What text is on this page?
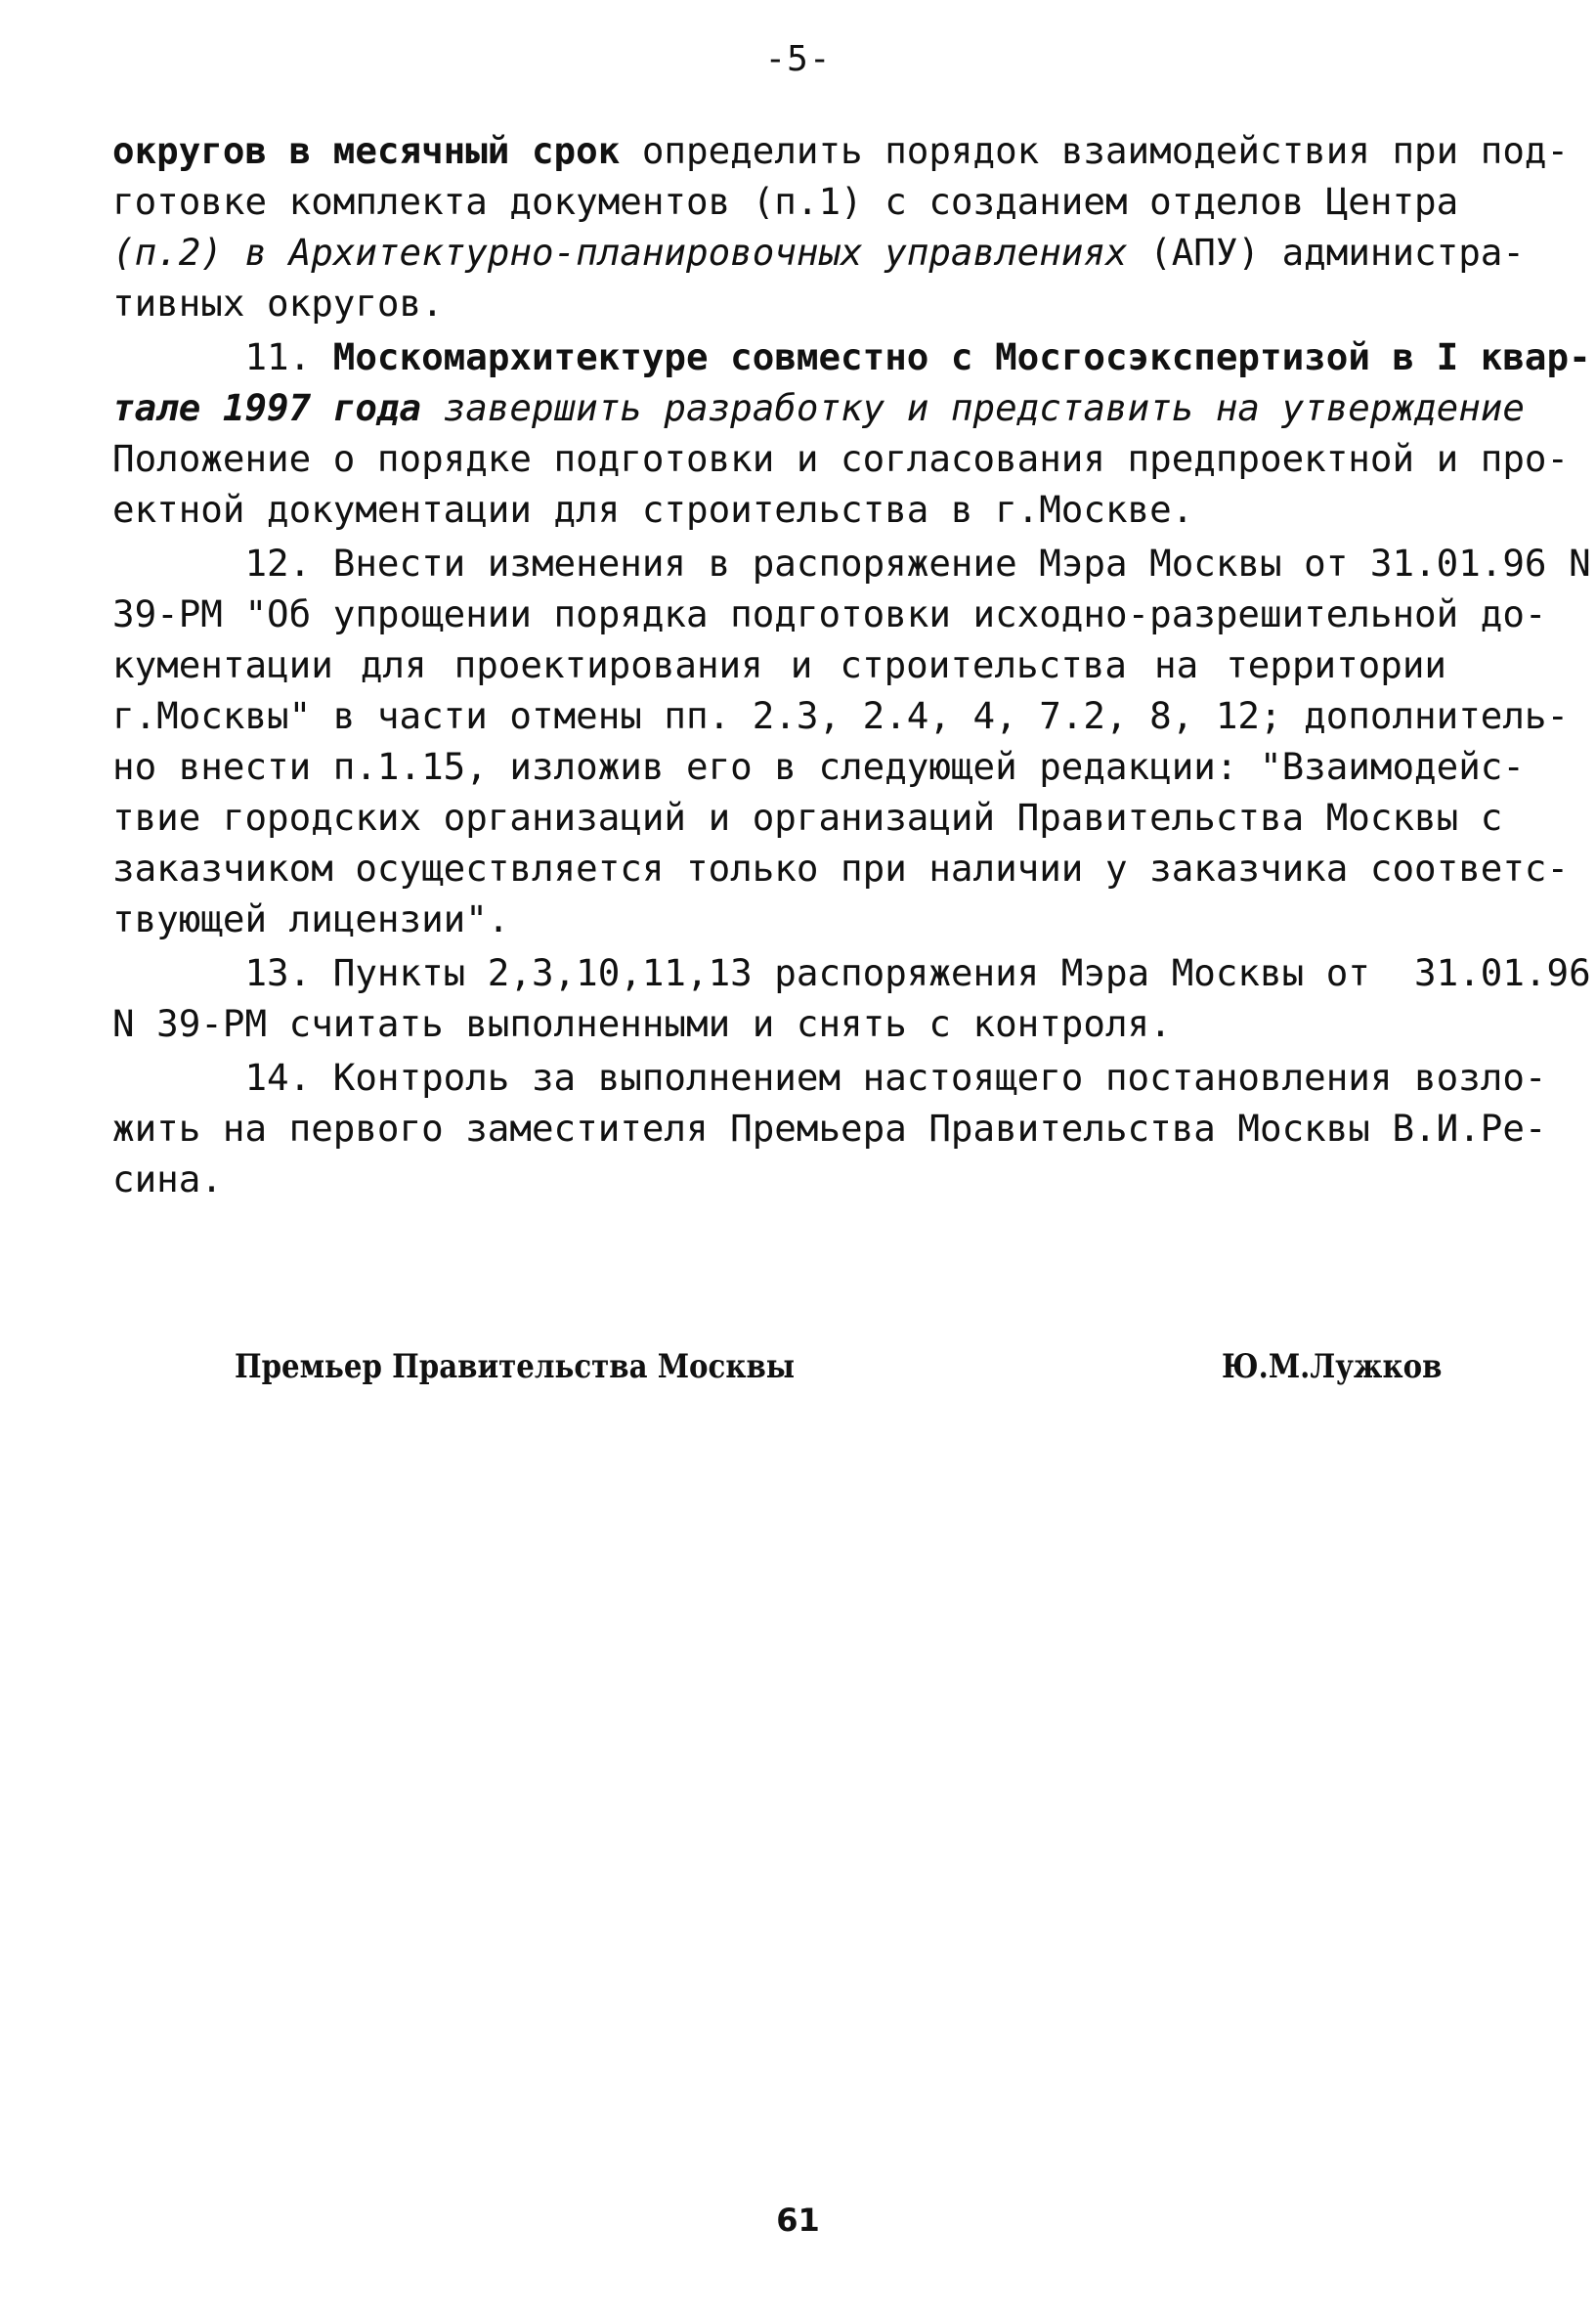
-5-
округов в месячный срок определить порядок взаимодействия при под-
готовке комплекта документов (п.1) с созданием отделов Центра
(п.2) в Архитектурно-планировочных управлениях (АПУ) администра-
тивных округов.
11. Москомархитектуре совместно с Мосгосэкспертизой в I квар-
тале 1997 года завершить разработку и представить на утверждение
Положение о порядке подготовки и согласования предпроектной и про-
ектной документации для строительства в г.Москве.
12. Внести изменения в распоряжение Мэра Москвы от 31.01.96 N
39-РМ "Об упрощении порядка подготовки исходно-разрешительной до-
кументации для проектирования и строительства на территории
г.Москвы" в части отмены пп. 2.3, 2.4, 4, 7.2, 8, 12; дополнитель-
но внести п.1.15, изложив его в следующей редакции: "Взаимодейс-
твие городских организаций и организаций Правительства Москвы с
заказчиком осуществляется только при наличии у заказчика соответс-
твующей лицензии".
13. Пункты 2,3,10,11,13 распоряжения Мэра Москвы от  31.01.96
N 39-РМ считать выполненными и снять с контроля.
14. Контроль за выполнением настоящего постановления возло-
жить на первого заместителя Премьера Правительства Москвы В.И.Ре-
сина.
Премьер Правительства Москвы	Ю.М.Лужков
61
